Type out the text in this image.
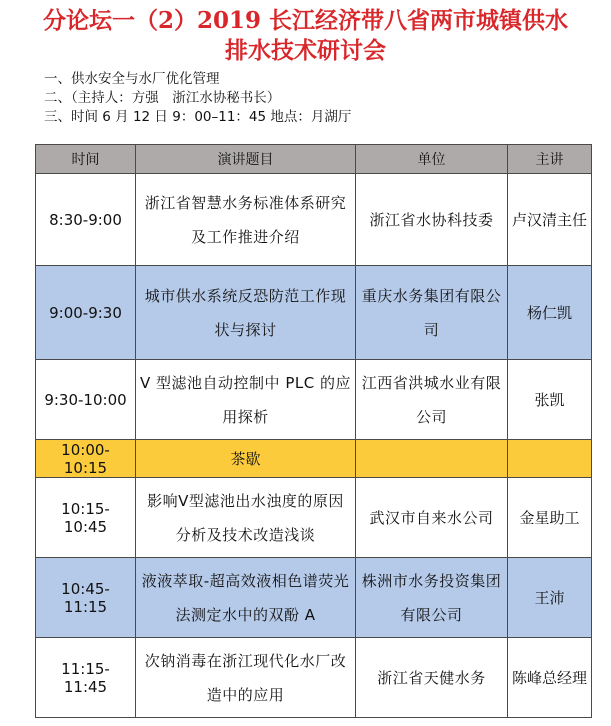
分论坛一（2）2019 长江经济带八省两市城镇供水
排水技术研讨会
一、供水安全与水厂优化管理
二、（主持人：方强　浙江水协秘书长）
三、时间 6 月 12 日 9：00–11：45 地点：月湖厅
时间	演讲题目	单位	主讲
8:30-9:00	浙江省智慧水务标准体系研究及工作推进介绍	浙江省水协科技委	卢汉清主任
9:00-9:30	城市供水系统反恐防范工作现状与探讨	重庆水务集团有限公司	杨仁凯
9:30-10:00	V 型滤池自动控制中 PLC 的应用探析	江西省洪城水业有限公司	张凯
10:00-10:15	茶歇		
10:15-10:45	影响V型滤池出水浊度的原因分析及技术改造浅谈	武汉市自来水公司	金星助工
10:45-11:15	液液萃取-超高效液相色谱荧光法测定水中的双酚 A	株洲市水务投资集团有限公司	王沛
11:15-11:45	次钠消毒在浙江现代化水厂改造中的应用	浙江省天健水务	陈峰总经理
